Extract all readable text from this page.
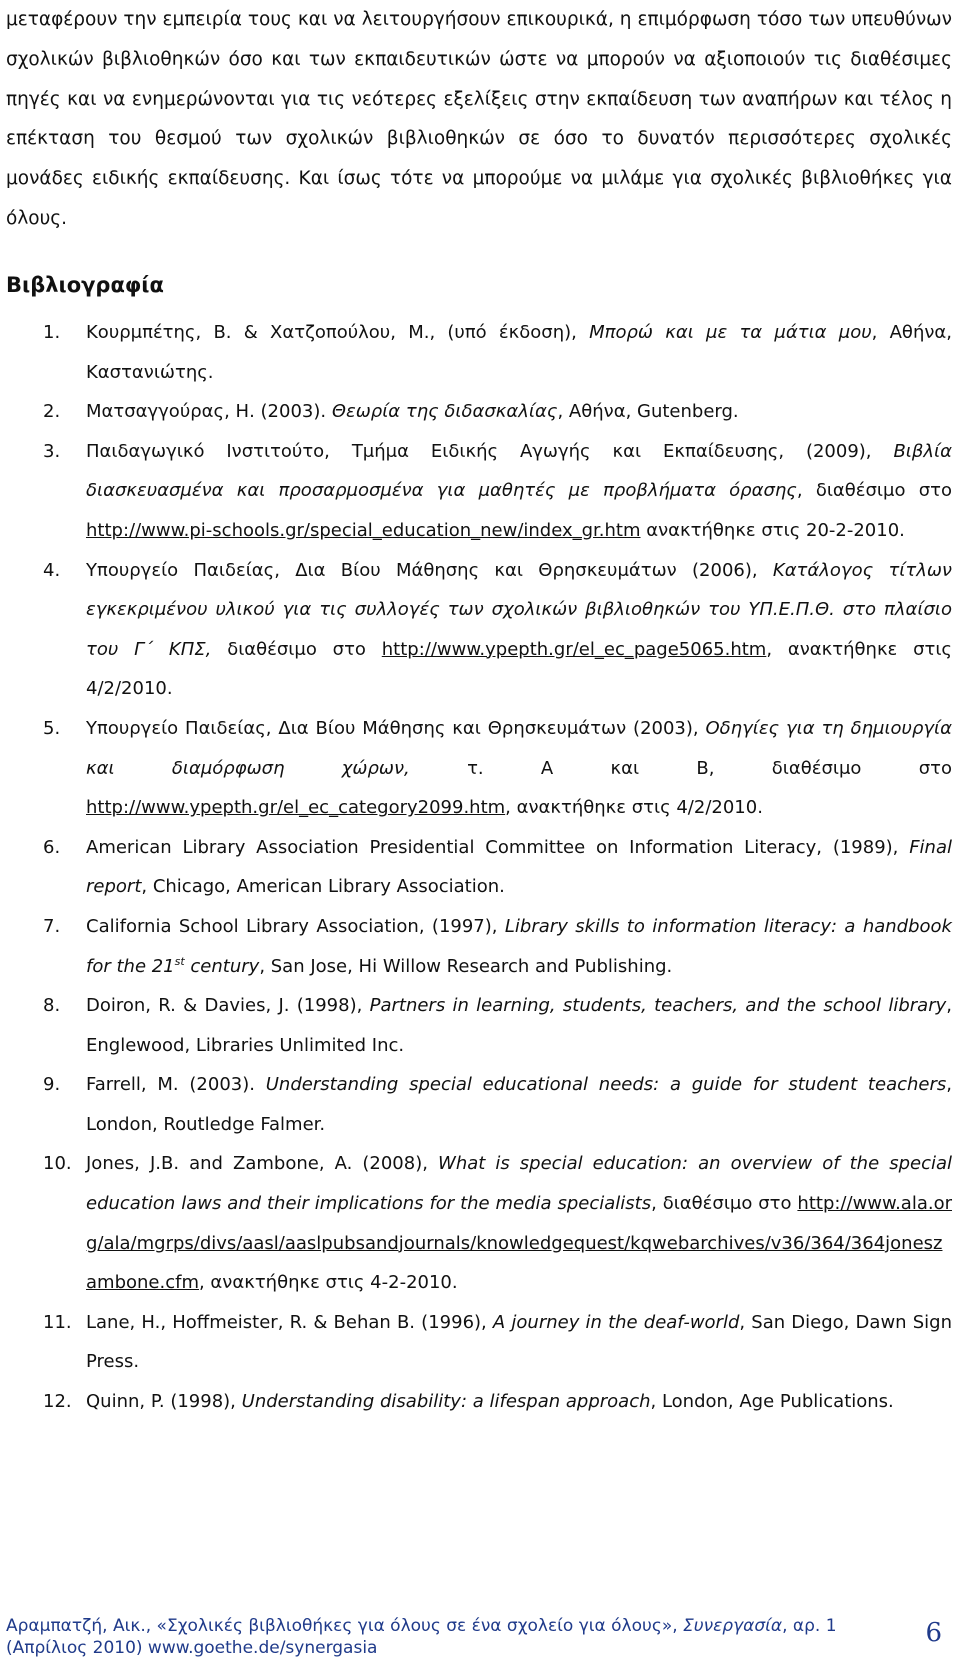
μεταφέρουν την εμπειρία τους και να λειτουργήσουν επικουρικά, η επιμόρφωση τόσο των υπευθύνων σχολικών βιβλιοθηκών όσο και των εκπαιδευτικών ώστε να μπορούν να αξιοποιούν τις διαθέσιμες πηγές και να ενημερώνονται για τις νεότερες εξελίξεις στην εκπαίδευση των αναπήρων και τέλος η επέκταση του θεσμού των σχολικών βιβλιοθηκών σε όσο το δυνατόν περισσότερες σχολικές μονάδες ειδικής εκπαίδευσης. Και ίσως τότε να μπορούμε να μιλάμε για σχολικές βιβλιοθήκες για όλους.

Βιβλιογραφία
1. Κουρμπέτης, Β. & Χατζοπούλου, Μ., (υπό έκδοση), Μπορώ και με τα μάτια μου, Αθήνα, Καστανιώτης.
2. Ματσαγγούρας, Η. (2003). Θεωρία της διδασκαλίας, Αθήνα, Gutenberg.
3. Παιδαγωγικό Ινστιτούτο, Τμήμα Ειδικής Αγωγής και Εκπαίδευσης, (2009), Βιβλία διασκευασμένα και προσαρμοσμένα για μαθητές με προβλήματα όρασης, διαθέσιμο στο http://www.pi-schools.gr/special_education_new/index_gr.htm ανακτήθηκε στις 20-2-2010.
4. Υπουργείο Παιδείας, Δια Βίου Μάθησης και Θρησκευμάτων (2006), Κατάλογος τίτλων εγκεκριμένου υλικού για τις συλλογές των σχολικών βιβλιοθηκών του ΥΠ.Ε.Π.Θ. στο πλαίσιο του Γ΄ ΚΠΣ, διαθέσιμο στο http://www.ypepth.gr/el_ec_page5065.htm, ανακτήθηκε στις 4/2/2010.
5. Υπουργείο Παιδείας, Δια Βίου Μάθησης και Θρησκευμάτων (2003), Οδηγίες για τη δημιουργία και διαμόρφωση χώρων, τ. Α και Β, διαθέσιμο στο http://www.ypepth.gr/el_ec_category2099.htm, ανακτήθηκε στις 4/2/2010.
6. American Library Association Presidential Committee on Information Literacy, (1989), Final report, Chicago, American Library Association.
7. California School Library Association, (1997), Library skills to information literacy: a handbook for the 21st century, San Jose, Hi Willow Research and Publishing.
8. Doiron, R. & Davies, J. (1998), Partners in learning, students, teachers, and the school library, Englewood, Libraries Unlimited Inc.
9. Farrell, M. (2003). Understanding special educational needs: a guide for student teachers, London, Routledge Falmer.
10. Jones, J.B. and Zambone, A. (2008), What is special education: an overview of the special education laws and their implications for the media specialists, διαθέσιμο στο http://www.ala.org/ala/mgrps/divs/aasl/aaslpubsandjournals/knowledgequest/kqwebarchives/v36/364/364joneszambone.cfm, ανακτήθηκε στις 4-2-2010.
11. Lane, H., Hoffmeister, R. & Behan B. (1996), A journey in the deaf-world, San Diego, Dawn Sign Press.
12. Quinn, P. (1998), Understanding disability: a lifespan approach, London, Age Publications.
Αραμπατζή, Αικ., «Σχολικές βιβλιοθήκες για όλους σε ένα σχολείο για όλους», Συνεργασία, αρ. 1
(Απρίλιος 2010) www.goethe.de/synergasia	6
